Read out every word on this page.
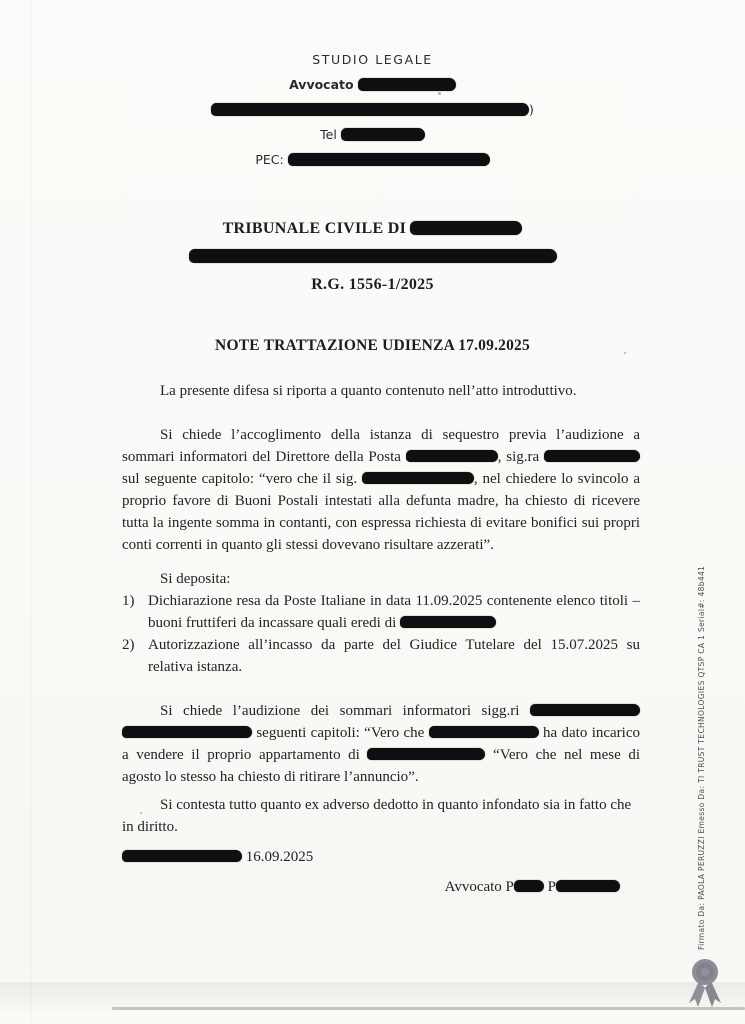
STUDIO LEGALE
Avvocato
)
Tel
PEC:
TRIBUNALE CIVILE DI
R.G. 1556-1/2025
NOTE TRATTAZIONE UDIENZA 17.09.2025

La presente difesa si riporta a quanto contenuto nell’atto introduttivo.

Si chiede l’accoglimento della istanza di sequestro previa l’audizione a sommari informatori del Direttore della Posta	, sig.ra  sul seguente capitolo: “vero che il sig.	, nel chiedere lo svincolo a proprio favore di Buoni Postali intestati alla defunta madre, ha chiesto di ricevere tutta la ingente somma in contanti, con espressa richiesta di evitare bonifici sui propri conti correnti in quanto gli stessi dovevano risultare azzerati”.

Si deposita:

1) Dichiarazione resa da Poste Italiane in data 11.09.2025 contenente elenco titoli – buoni fruttiferi da incassare quali eredi di
2) Autorizzazione all’incasso da parte del Giudice Tutelare del 15.07.2025 su relativa istanza.

Si chiede l’audizione dei sommari informatori sigg.ri   seguenti capitoli: “Vero che	ha dato incarico a vendere il proprio appartamento di	“Vero che nel mese di agosto lo stesso ha chiesto di ritirare l’annuncio”.

Si contesta tutto quanto ex adverso dedotto in quanto infondato sia in fatto che in diritto.

16.09.2025

Avvocato P P	Firmato Da: PAOLA PERUZZI Emesso Da: TI TRUST TECHNOLOGIES QTSP CA 1 Serial#: 48b441
